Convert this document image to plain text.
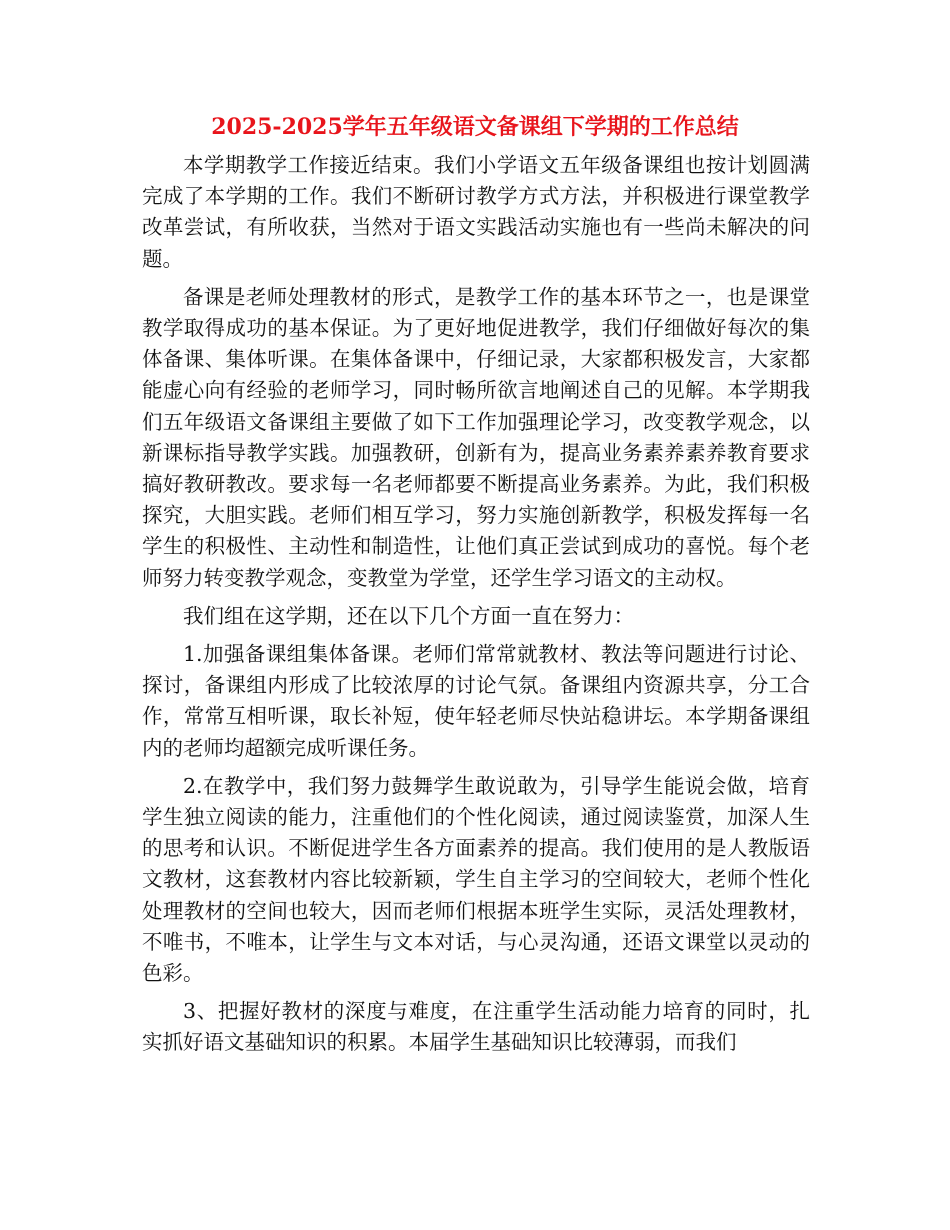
2025-2025学年五年级语文备课组下学期的工作总结

本学期教学工作接近结束。我们小学语文五年级备课组也按计划圆满完成了本学期的工作。我们不断研讨教学方式方法，并积极进行课堂教学改革尝试，有所收获，当然对于语文实践活动实施也有一些尚未解决的问题。

备课是老师处理教材的形式，是教学工作的基本环节之一，也是课堂教学取得成功的基本保证。为了更好地促进教学，我们仔细做好每次的集体备课、集体听课。在集体备课中，仔细记录，大家都积极发言，大家都能虚心向有经验的老师学习，同时畅所欲言地阐述自己的见解。本学期我们五年级语文备课组主要做了如下工作加强理论学习，改变教学观念，以新课标指导教学实践。加强教研，创新有为，提高业务素养素养教育要求搞好教研教改。要求每一名老师都要不断提高业务素养。为此，我们积极探究，大胆实践。老师们相互学习，努力实施创新教学，积极发挥每一名学生的积极性、主动性和制造性，让他们真正尝试到成功的喜悦。每个老师努力转变教学观念，变教堂为学堂，还学生学习语文的主动权。

我们组在这学期，还在以下几个方面一直在努力：

1.加强备课组集体备课。老师们常常就教材、教法等问题进行讨论、探讨，备课组内形成了比较浓厚的讨论气氛。备课组内资源共享，分工合作，常常互相听课，取长补短，使年轻老师尽快站稳讲坛。本学期备课组内的老师均超额完成听课任务。

2.在教学中，我们努力鼓舞学生敢说敢为，引导学生能说会做，培育学生独立阅读的能力，注重他们的个性化阅读，通过阅读鉴赏，加深人生的思考和认识。不断促进学生各方面素养的提高。我们使用的是人教版语文教材，这套教材内容比较新颖，学生自主学习的空间较大，老师个性化处理教材的空间也较大，因而老师们根据本班学生实际，灵活处理教材，不唯书，不唯本，让学生与文本对话，与心灵沟通，还语文课堂以灵动的色彩。

3、把握好教材的深度与难度，在注重学生活动能力培育的同时，扎实抓好语文基础知识的积累。本届学生基础知识比较薄弱，而我们
